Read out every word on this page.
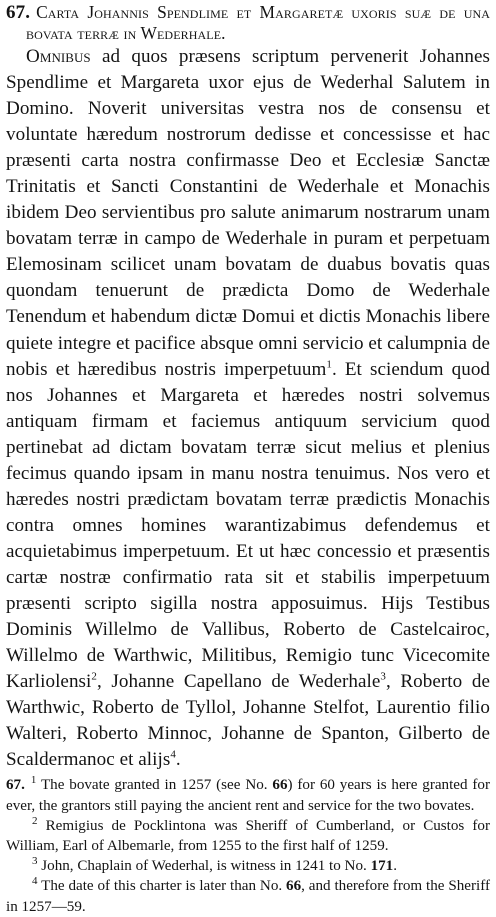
67. Carta Johannis Spendlime et Margaretæ uxoris suæ de una bovata terræ in Wederhale.

Omnibus ad quos præsens scriptum pervenerit Johannes Spendlime et Margareta uxor ejus de Wederhal Salutem in Domino. Noverit universitas vestra nos de consensu et voluntate hæredum nostrorum dedisse et concessisse et hac præsenti carta nostra confirmasse Deo et Ecclesiæ Sanctæ Trinitatis et Sancti Constantini de Wederhale et Monachis ibidem Deo servientibus pro salute animarum nostrarum unam bovatam terræ in campo de Wederhale in puram et perpetuam Elemosinam scilicet unam bovatam de duabus bovatis quas quondam tenuerunt de prædicta Domo de Wederhale Tenendum et habendum dictæ Domui et dictis Monachis libere quiete integre et pacifice absque omni servicio et calumpnia de nobis et hæredibus nostris imperpetuum$^1$. Et sciendum quod nos Johannes et Margareta et hæredes nostri solvemus antiquam firmam et faciemus antiquum servicium quod pertinebat ad dictam bovatam terræ sicut melius et plenius fecimus quando ipsam in manu nostra tenuimus. Nos vero et hæredes nostri prædictam bovatam terræ prædictis Monachis contra omnes homines warantizabimus defendemus et acquietabimus imperpetuum. Et ut hæc concessio et præsentis cartæ nostræ confirmatio rata sit et stabilis imperpetuum præsenti scripto sigilla nostra apposuimus. Hijs Testibus Dominis Willelmo de Vallibus, Roberto de Castelcairoc, Willelmo de Warthwic, Militibus, Remigio tunc Vicecomite Karliolensi$^2$, Johanne Capellano de Wederhale$^3$, Roberto de Warthwic, Roberto de Tyllol, Johanne Stelfot, Laurentio filio Walteri, Roberto Minnoc, Johanne de Spanton, Gilberto de Scaldermanoc et alijs$^4$.

67. $^1$ The bovate granted in 1257 (see No. 66) for 60 years is here granted for ever, the grantors still paying the ancient rent and service for the two bovates.

$^2$ Remigius de Pocklintona was Sheriff of Cumberland, or Custos for William, Earl of Albemarle, from 1255 to the first half of 1259.

$^3$ John, Chaplain of Wederhal, is witness in 1241 to No. 171.

$^4$ The date of this charter is later than No. 66, and therefore from the Sheriff in 1257—59.
